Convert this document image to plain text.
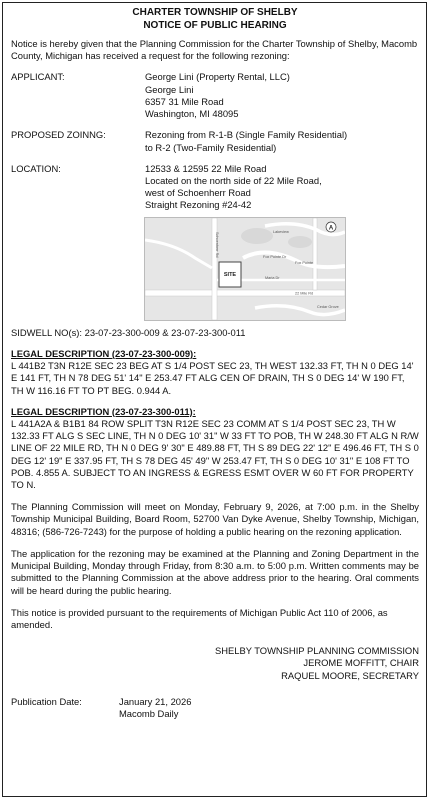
CHARTER TOWNSHIP OF SHELBY
NOTICE OF PUBLIC HEARING

Notice is hereby given that the Planning Commission for the Charter Township of Shelby, Macomb County, Michigan has received a request for the following rezoning:

APPLICANT:	George Lini (Property Rental, LLC)
George Lini
6357 31 Mile Road
Washington, MI 48095
PROPOSED ZOINNG:	Rezoning from R-1-B (Single Family Residential)
to R-2 (Two-Family Residential)
LOCATION:	12533 & 12595 22 Mile Road
Located on the north side of 22 Mile Road,
west of Schoenherr Road
Straight Rezoning #24-42
SITE
22 Mile Rd
Lakeview
Fox Pointe Dr
Fox Pointe
Cedar Grove
Maria Dr
Schoenherr Rd
A

SIDWELL NO(s): 23-07-23-300-009 & 23-07-23-300-011

LEGAL DESCRIPTION (23-07-23-300-009):

L 441B2 T3N R12E SEC 23 BEG AT S 1/4 POST SEC 23, TH WEST 132.33 FT, TH N 0 DEG 14' E 141 FT, TH N 78 DEG 51' 14" E 253.47 FT ALG CEN OF DRAIN, TH S 0 DEG 14' W 190 FT, TH W 116.16 FT TO PT BEG. 0.944 A.

LEGAL DESCRIPTION (23-07-23-300-011):

L 441A2A & B1B1 84 ROW SPLIT T3N R12E SEC 23 COMM AT S 1/4 POST SEC 23, TH W 132.33 FT ALG S SEC LINE, TH N 0 DEG 10' 31" W 33 FT TO POB, TH W 248.30 FT ALG N R/W LINE OF 22 MILE RD, TH N 0 DEG 9' 30" E 489.88 FT, TH S 89 DEG 22' 12" E 496.46 FT, TH S 0 DEG 12' 19" E 337.95 FT, TH S 78 DEG 45' 49" W 253.47 FT, TH S 0 DEG 10' 31" E 108 FT TO POB. 4.855 A. SUBJECT TO AN INGRESS & EGRESS ESMT OVER W 60 FT FOR PROPERTY TO N.

The Planning Commission will meet on Monday, February 9, 2026, at 7:00 p.m. in the Shelby Township Municipal Building, Board Room, 52700 Van Dyke Avenue, Shelby Township, Michigan, 48316; (586-726-7243) for the purpose of holding a public hearing on the rezoning application.

The application for the rezoning may be examined at the Planning and Zoning Department in the Municipal Building, Monday through Friday, from 8:30 a.m. to 5:00 p.m. Written comments may be submitted to the Planning Commission at the above address prior to the hearing. Oral comments will be heard during the public hearing.

This notice is provided pursuant to the requirements of Michigan Public Act 110 of 2006, as amended.

SHELBY TOWNSHIP PLANNING COMMISSION
JEROME MOFFITT, CHAIR
RAQUEL MOORE, SECRETARY
Publication Date:	January 21, 2026
Macomb Daily
